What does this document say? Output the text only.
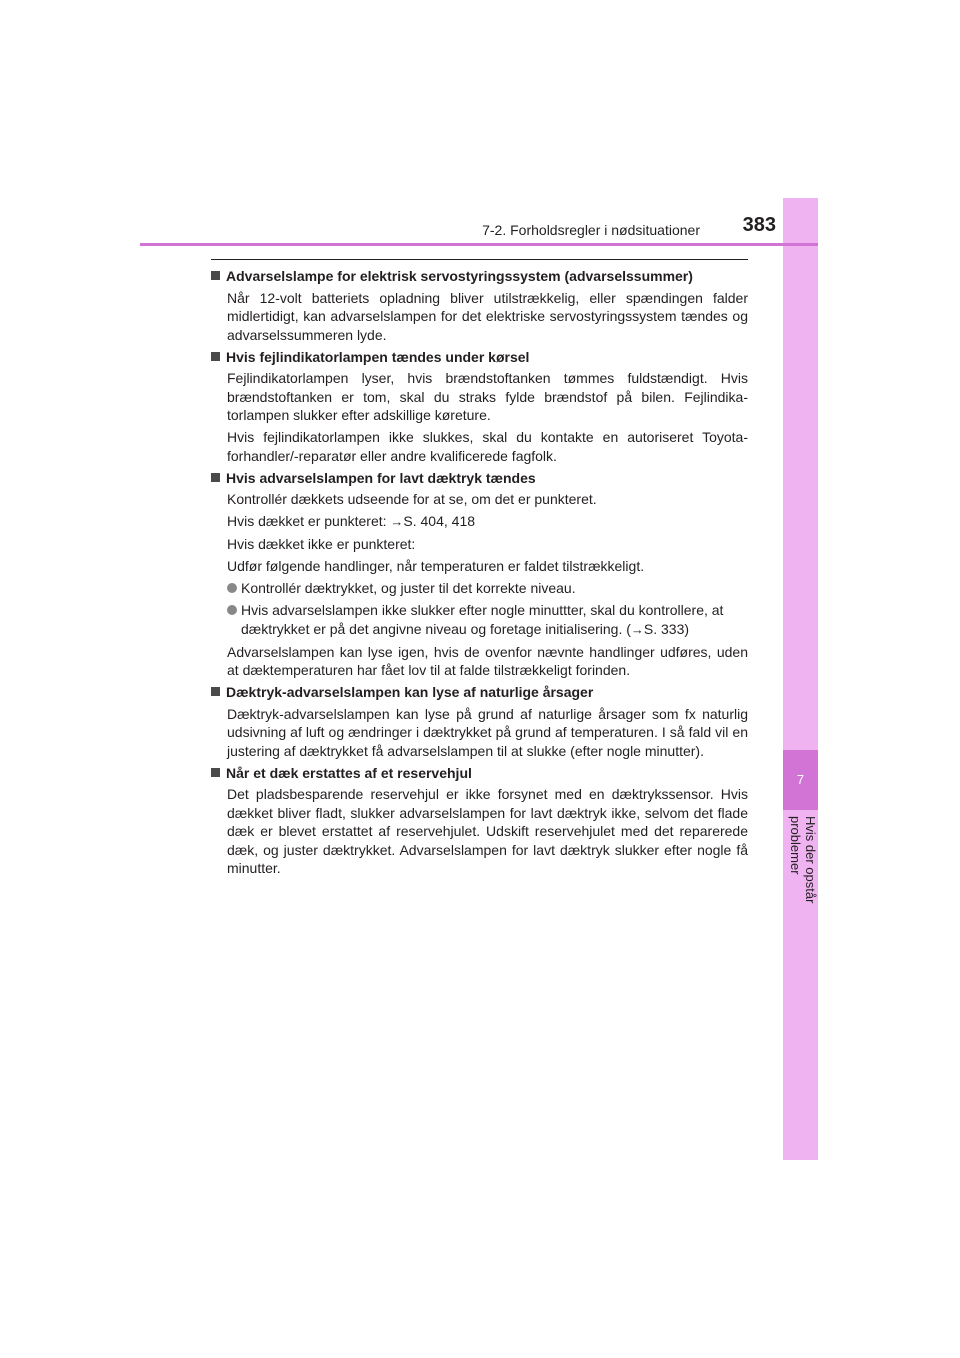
7
Hvis der opstår problemer
7-2. Forholdsregler i nødsituationer	383
Advarselslampe for elektrisk servostyringssystem (advarselssummer)
Når 12-volt batteriets opladning bliver utilstrækkelig, eller spændingen falder midlertidigt, kan advarselslampen for det elektriske servostyringssystem tændes og advarselssummeren lyde.
Hvis fejlindikatorlampen tændes under kørsel
Fejlindikatorlampen lyser, hvis brændstoftanken tømmes fuldstændigt. Hvis brændstoftanken er tom, skal du straks fylde brændstof på bilen. Fejlindika-torlampen slukker efter adskillige køreture.
Hvis fejlindikatorlampen ikke slukkes, skal du kontakte en autoriseret Toyota-forhandler/-reparatør eller andre kvalificerede fagfolk.
Hvis advarselslampen for lavt dæktryk tændes
Kontrollér dækkets udseende for at se, om det er punkteret.
Hvis dækket er punkteret: →S. 404, 418
Hvis dækket ikke er punkteret:
Udfør følgende handlinger, når temperaturen er faldet tilstrækkeligt.
Kontrollér dæktrykket, og juster til det korrekte niveau.
Hvis advarselslampen ikke slukker efter nogle minuttter, skal du kontrollere, at dæktrykket er på det angivne niveau og foretage initialisering. (→S. 333)
Advarselslampen kan lyse igen, hvis de ovenfor nævnte handlinger udføres, uden at dæktemperaturen har fået lov til at falde tilstrækkeligt forinden.
Dæktryk-advarselslampen kan lyse af naturlige årsager
Dæktryk-advarselslampen kan lyse på grund af naturlige årsager som fx naturlig udsivning af luft og ændringer i dæktrykket på grund af temperaturen. I så fald vil en justering af dæktrykket få advarselslampen til at slukke (efter nogle minutter).
Når et dæk erstattes af et reservehjul
Det pladsbesparende reservehjul er ikke forsynet med en dæktrykssensor. Hvis dækket bliver fladt, slukker advarselslampen for lavt dæktryk ikke, selvom det flade dæk er blevet erstattet af reservehjulet. Udskift reservehjulet med det reparerede dæk, og juster dæktrykket. Advarselslampen for lavt dæktryk slukker efter nogle få minutter.
